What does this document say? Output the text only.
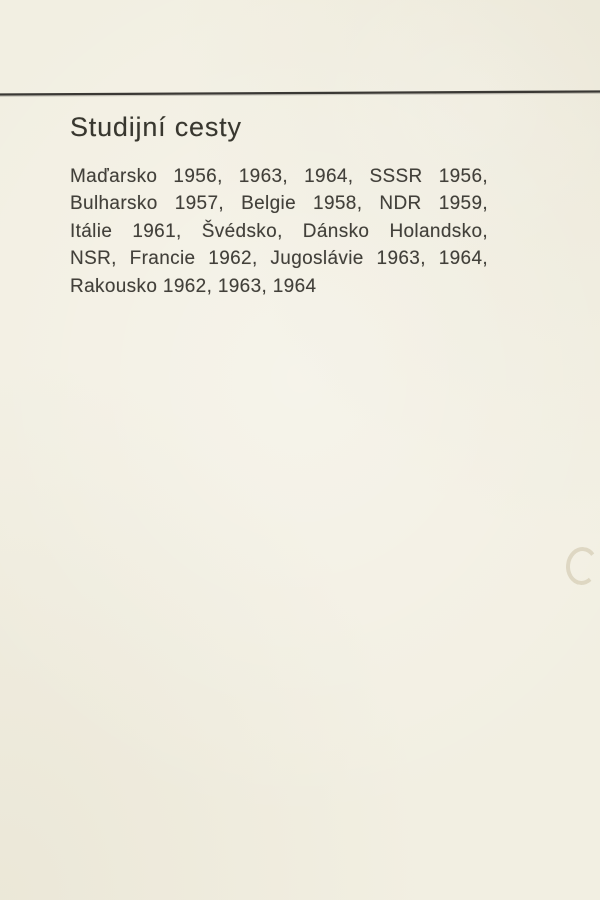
Studijní cesty
Maďarsko 1956, 1963, 1964, SSSR 1956,
Bulharsko 1957, Belgie 1958, NDR 1959,
Itálie 1961, Švédsko, Dánsko Holandsko,
NSR, Francie 1962, Jugoslávie 1963, 1964,
Rakousko 1962, 1963, 1964
